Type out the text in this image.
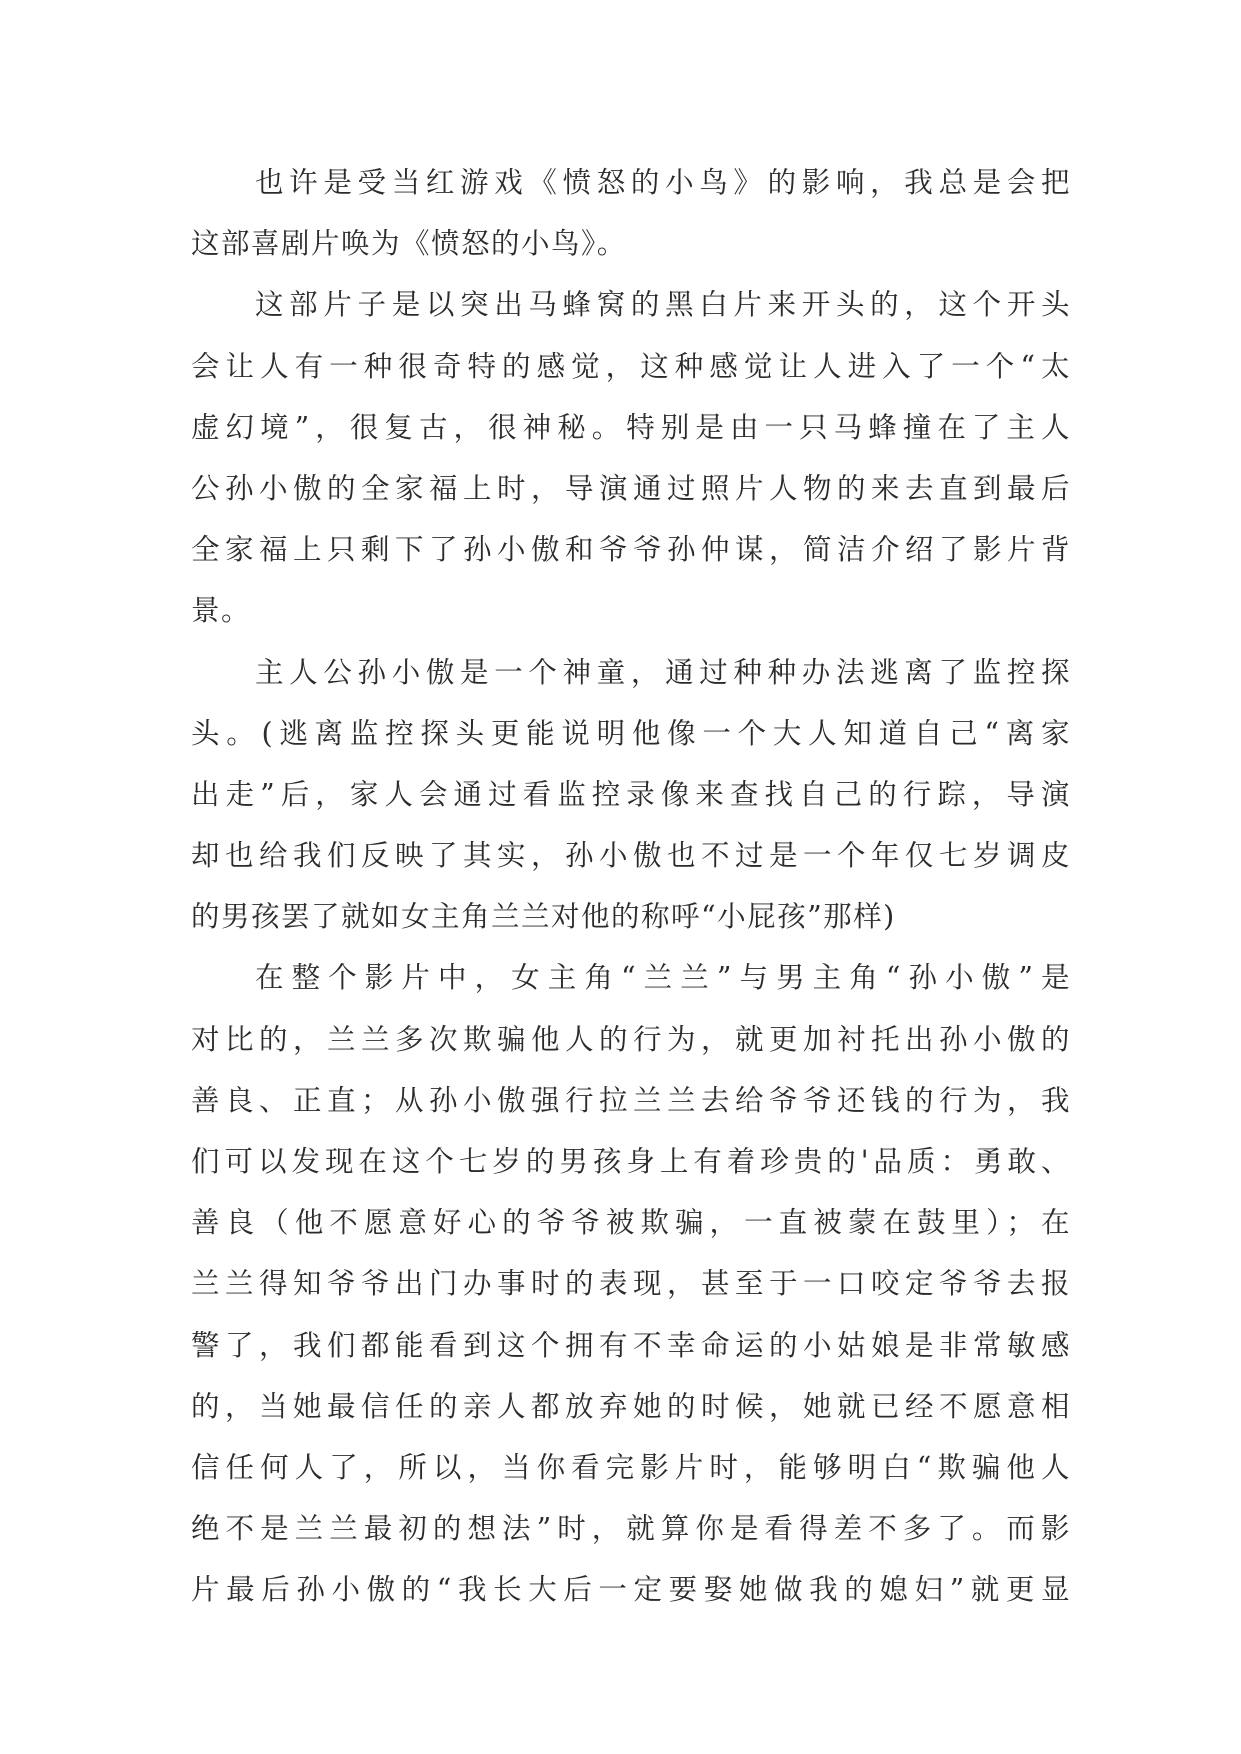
也许是受当红游戏《愤怒的小鸟》的影响，我总是会把
这部喜剧片唤为《愤怒的小鸟》。
这部片子是以突出马蜂窝的黑白片来开头的，这个开头
会让人有一种很奇特的感觉，这种感觉让人进入了一个“太
虚幻境”，很复古，很神秘。特别是由一只马蜂撞在了主人
公孙小傲的全家福上时，导演通过照片人物的来去直到最后
全家福上只剩下了孙小傲和爷爷孙仲谋，简洁介绍了影片背
景。
主人公孙小傲是一个神童，通过种种办法逃离了监控探
头。(逃离监控探头更能说明他像一个大人知道自己“离家
出走”后，家人会通过看监控录像来查找自己的行踪，导演
却也给我们反映了其实，孙小傲也不过是一个年仅七岁调皮
的男孩罢了就如女主角兰兰对他的称呼“小屁孩”那样)
在整个影片中，女主角“兰兰”与男主角“孙小傲”是
对比的，兰兰多次欺骗他人的行为，就更加衬托出孙小傲的
善良、正直；从孙小傲强行拉兰兰去给爷爷还钱的行为，我
们可以发现在这个七岁的男孩身上有着珍贵的'品质：勇敢、
善良（他不愿意好心的爷爷被欺骗，一直被蒙在鼓里）；在
兰兰得知爷爷出门办事时的表现，甚至于一口咬定爷爷去报
警了，我们都能看到这个拥有不幸命运的小姑娘是非常敏感
的，当她最信任的亲人都放弃她的时候，她就已经不愿意相
信任何人了，所以，当你看完影片时，能够明白“欺骗他人
绝不是兰兰最初的想法”时，就算你是看得差不多了。而影
片最后孙小傲的“我长大后一定要娶她做我的媳妇”就更显
